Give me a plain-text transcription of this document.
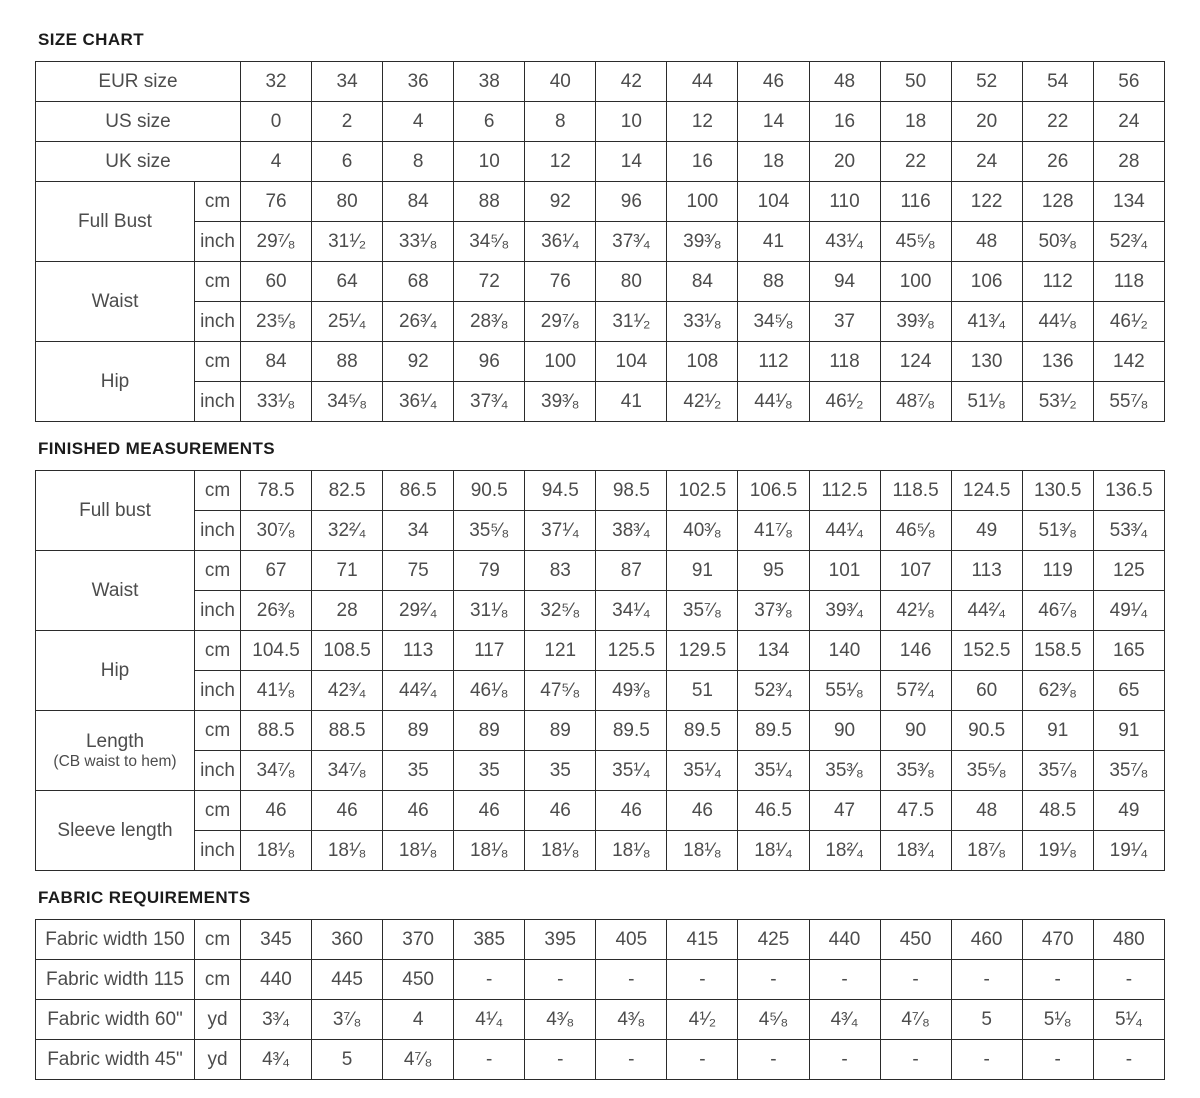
SIZE CHART
EUR size		32	34	36	38	40	42	44	46	48	50	52	54	56
US size		0	2	4	6	8	10	12	14	16	18	20	22	24
UK size		4	6	8	10	12	14	16	18	20	22	24	26	28
Full Bust	cm	76	80	84	88	92	96	100	104	110	116	122	128	134
	inch	29⁷⁄₈	31¹⁄₂	33¹⁄₈	34⁵⁄₈	36¹⁄₄	37³⁄₄	39³⁄₈	41	43¹⁄₄	45⁵⁄₈	48	50³⁄₈	52³⁄₄
Waist	cm	60	64	68	72	76	80	84	88	94	100	106	112	118
	inch	23⁵⁄₈	25¹⁄₄	26³⁄₄	28³⁄₈	29⁷⁄₈	31¹⁄₂	33¹⁄₈	34⁵⁄₈	37	39³⁄₈	41³⁄₄	44¹⁄₈	46¹⁄₂
Hip	cm	84	88	92	96	100	104	108	112	118	124	130	136	142
	inch	33¹⁄₈	34⁵⁄₈	36¹⁄₄	37³⁄₄	39³⁄₈	41	42¹⁄₂	44¹⁄₈	46¹⁄₂	48⁷⁄₈	51¹⁄₈	53¹⁄₂	55⁷⁄₈
FINISHED MEASUREMENTS
Full bust	cm	78.5	82.5	86.5	90.5	94.5	98.5	102.5	106.5	112.5	118.5	124.5	130.5	136.5
	inch	30⁷⁄₈	32²⁄₄	34	35⁵⁄₈	37¹⁄₄	38³⁄₄	40³⁄₈	41⁷⁄₈	44¹⁄₄	46⁵⁄₈	49	51³⁄₈	53³⁄₄
Waist	cm	67	71	75	79	83	87	91	95	101	107	113	119	125
	inch	26³⁄₈	28	29²⁄₄	31¹⁄₈	32⁵⁄₈	34¹⁄₄	35⁷⁄₈	37³⁄₈	39³⁄₄	42¹⁄₈	44²⁄₄	46⁷⁄₈	49¹⁄₄
Hip	cm	104.5	108.5	113	117	121	125.5	129.5	134	140	146	152.5	158.5	165
	inch	41¹⁄₈	42³⁄₄	44²⁄₄	46¹⁄₈	47⁵⁄₈	49³⁄₈	51	52³⁄₄	55¹⁄₈	57²⁄₄	60	62³⁄₈	65
Length
(CB waist to hem)	cm	88.5	88.5	89	89	89	89.5	89.5	89.5	90	90	90.5	91	91
	inch	34⁷⁄₈	34⁷⁄₈	35	35	35	35¹⁄₄	35¹⁄₄	35¹⁄₄	35³⁄₈	35³⁄₈	35⁵⁄₈	35⁷⁄₈	35⁷⁄₈
Sleeve length	cm	46	46	46	46	46	46	46	46.5	47	47.5	48	48.5	49
	inch	18¹⁄₈	18¹⁄₈	18¹⁄₈	18¹⁄₈	18¹⁄₈	18¹⁄₈	18¹⁄₈	18¹⁄₄	18²⁄₄	18³⁄₄	18⁷⁄₈	19¹⁄₈	19¹⁄₄
FABRIC REQUIREMENTS
Fabric width 150	cm	345	360	370	385	395	405	415	425	440	450	460	470	480
Fabric width 115	cm	440	445	450	-	-	-	-	-	-	-	-	-	-
Fabric width 60"	yd	3³⁄₄	3⁷⁄₈	4	4¹⁄₄	4³⁄₈	4³⁄₈	4¹⁄₂	4⁵⁄₈	4³⁄₄	4⁷⁄₈	5	5¹⁄₈	5¹⁄₄
Fabric width 45"	yd	4³⁄₄	5	4⁷⁄₈	-	-	-	-	-	-	-	-	-	-
